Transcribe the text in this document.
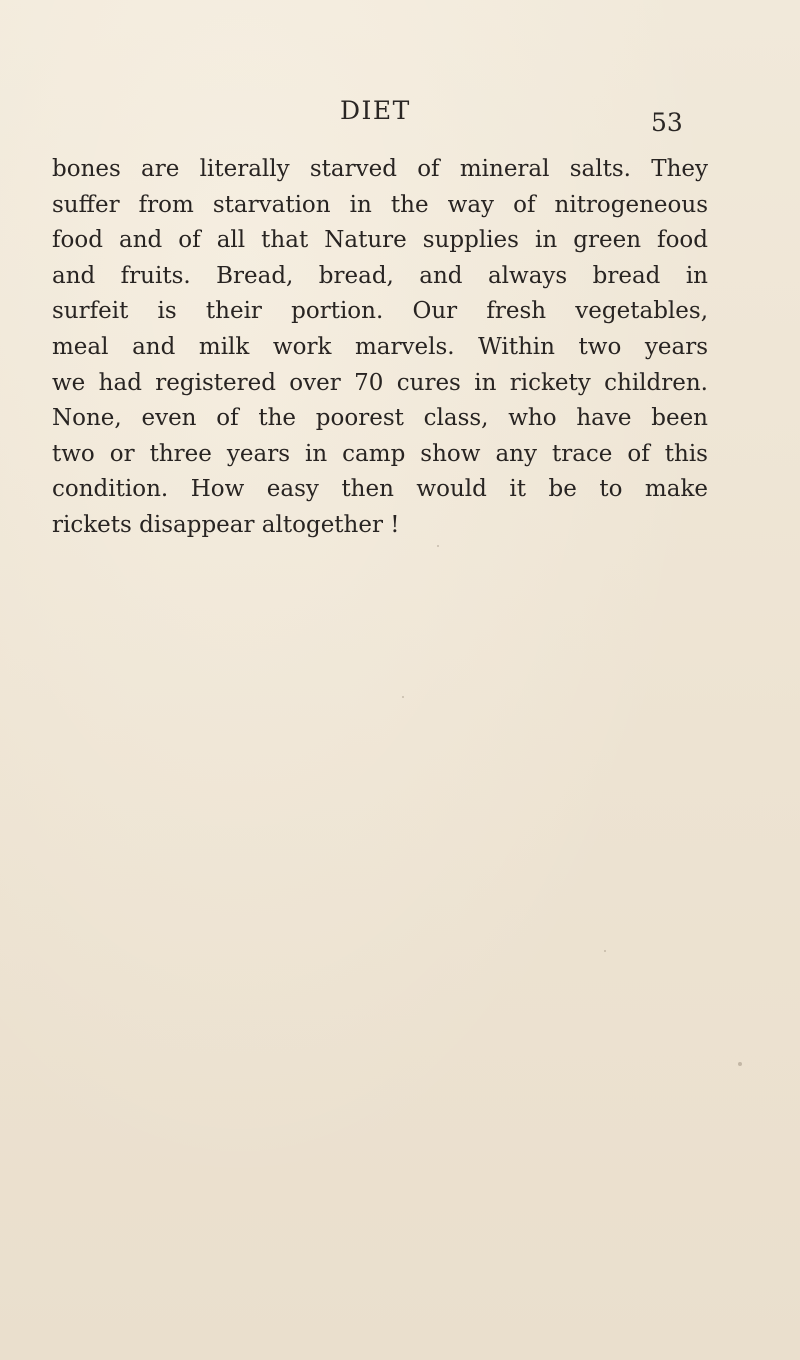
DIET	53
bones are literally starved of mineral salts. They
suffer from starvation in the way of nitrogeneous
food and of all that Nature supplies in green food
and fruits. Bread, bread, and always bread in
surfeit is their portion. Our fresh vegetables,
meal and milk work marvels. Within two years
we had registered over 70 cures in rickety children.
None, even of the poorest class, who have been
two or three years in camp show any trace of this
condition. How easy then would it be to make
rickets disappear altogether !
